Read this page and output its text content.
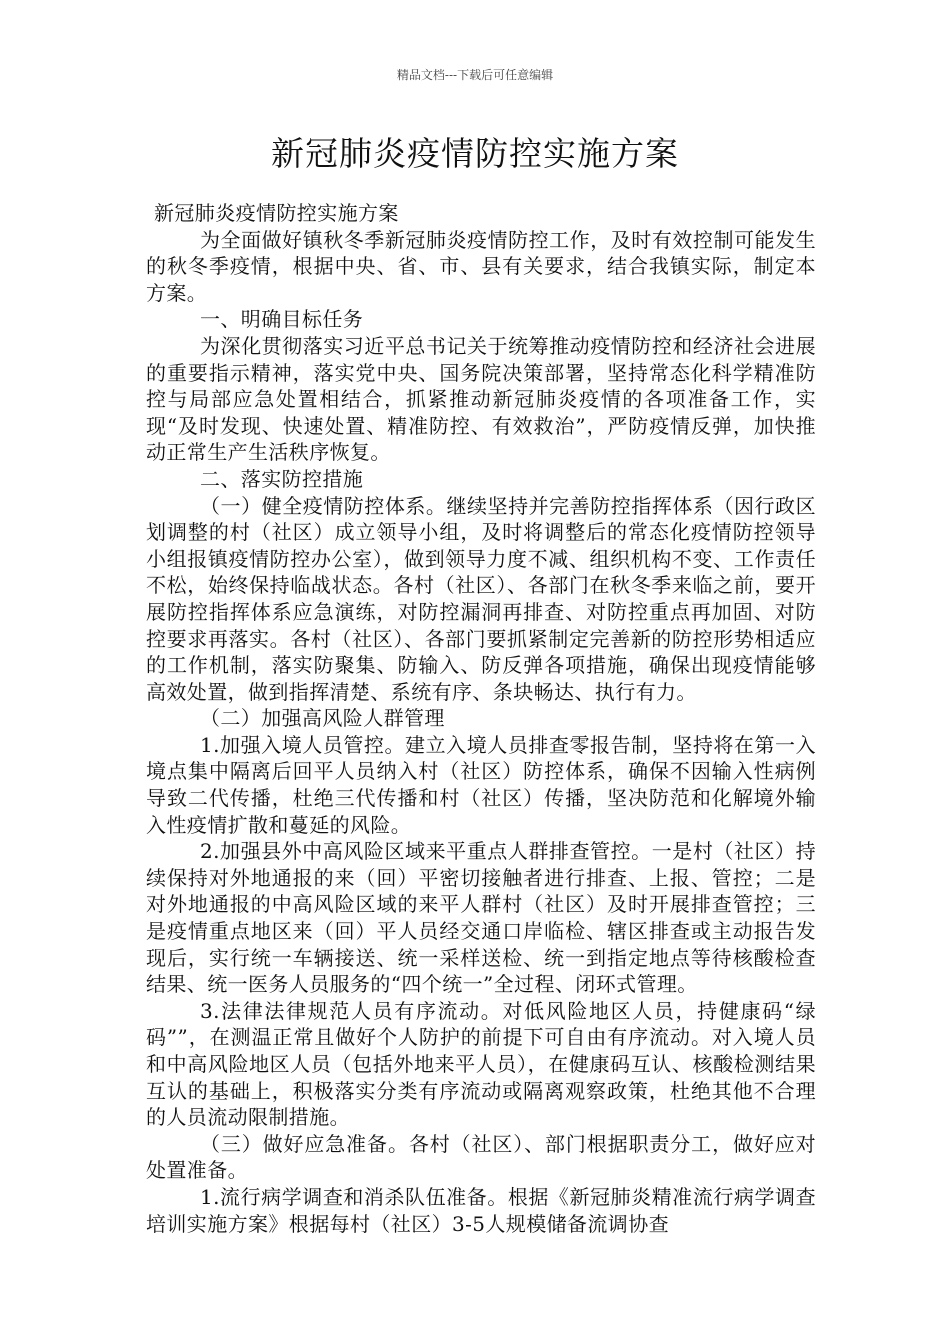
精品文档---下载后可任意编辑
新冠肺炎疫情防控实施方案

新冠肺炎疫情防控实施方案

为全面做好镇秋冬季新冠肺炎疫情防控工作，及时有效控制可能发生的秋冬季疫情，根据中央、省、市、县有关要求，结合我镇实际，制定本方案。

一、明确目标任务

为深化贯彻落实习近平总书记关于统筹推动疫情防控和经济社会进展的重要指示精神，落实党中央、国务院决策部署，坚持常态化科学精准防控与局部应急处置相结合，抓紧推动新冠肺炎疫情的各项准备工作，实现“及时发现、快速处置、精准防控、有效救治”，严防疫情反弹，加快推动正常生产生活秩序恢复。

二、落实防控措施

（一）健全疫情防控体系。继续坚持并完善防控指挥体系（因行政区划调整的村（社区）成立领导小组，及时将调整后的常态化疫情防控领导小组报镇疫情防控办公室），做到领导力度不减、组织机构不变、工作责任不松，始终保持临战状态。各村（社区）、各部门在秋冬季来临之前，要开展防控指挥体系应急演练，对防控漏洞再排查、对防控重点再加固、对防控要求再落实。各村（社区）、各部门要抓紧制定完善新的防控形势相适应的工作机制，落实防聚集、防输入、防反弹各项措施，确保出现疫情能够高效处置，做到指挥清楚、系统有序、条块畅达、执行有力。

（二）加强高风险人群管理

1.加强入境人员管控。建立入境人员排查零报告制，坚持将在第一入境点集中隔离后回平人员纳入村（社区）防控体系，确保不因输入性病例导致二代传播，杜绝三代传播和村（社区）传播，坚决防范和化解境外输入性疫情扩散和蔓延的风险。

2.加强县外中高风险区域来平重点人群排查管控。一是村（社区）持续保持对外地通报的来（回）平密切接触者进行排查、上报、管控；二是对外地通报的中高风险区域的来平人群村（社区）及时开展排查管控；三是疫情重点地区来（回）平人员经交通口岸临检、辖区排查或主动报告发现后，实行统一车辆接送、统一采样送检、统一到指定地点等待核酸检查结果、统一医务人员服务的“四个统一”全过程、闭环式管理。

3.法律法律规范人员有序流动。对低风险地区人员，持健康码“绿码””，在测温正常且做好个人防护的前提下可自由有序流动。对入境人员和中高风险地区人员（包括外地来平人员），在健康码互认、核酸检测结果互认的基础上，积极落实分类有序流动或隔离观察政策，杜绝其他不合理的人员流动限制措施。

（三）做好应急准备。各村（社区）、部门根据职责分工，做好应对处置准备。

1.流行病学调查和消杀队伍准备。根据《新冠肺炎精准流行病学调查培训实施方案》根据每村（社区）3-5人规模储备流调协查
